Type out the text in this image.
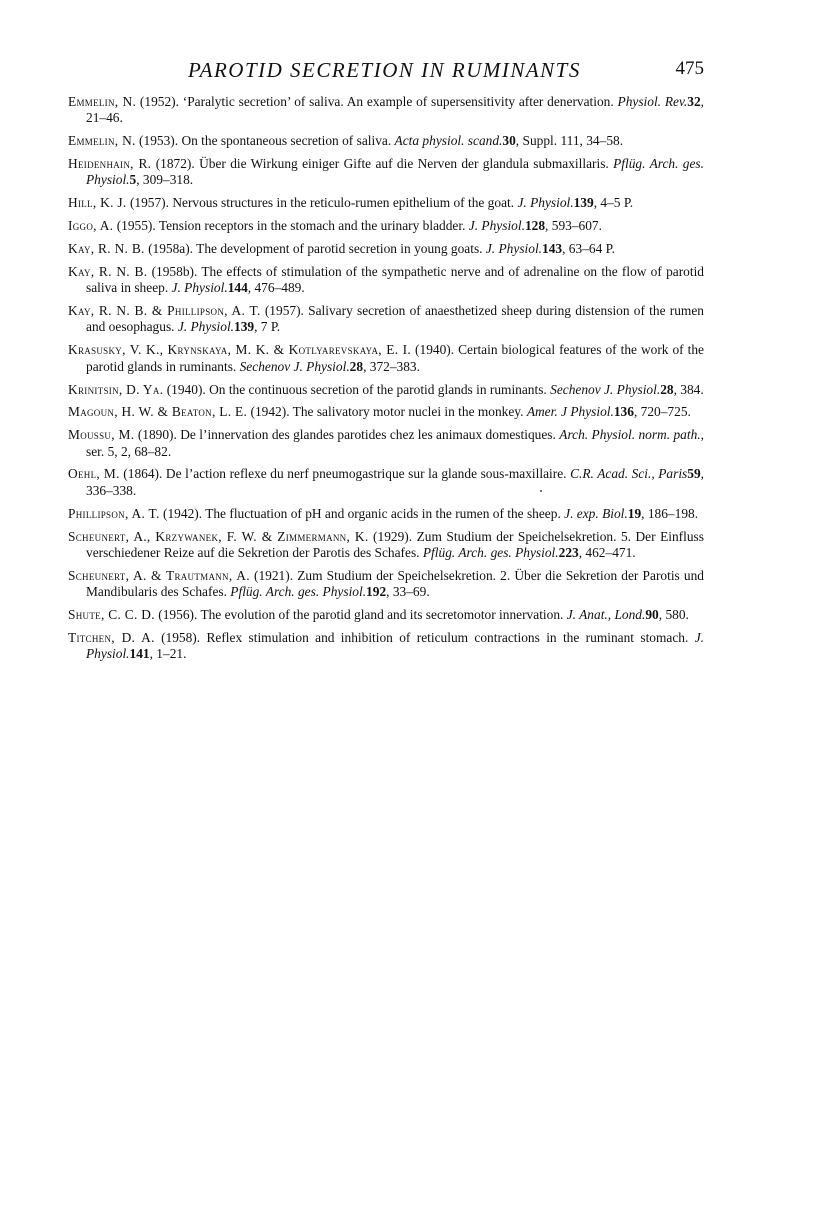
PAROTID SECRETION IN RUMINANTS	475
Emmelin, N. (1952). ‘Paralytic secretion’ of saliva. An example of supersensitivity after denervation. Physiol. Rev.32, 21–46.
Emmelin, N. (1953). On the spontaneous secretion of saliva. Acta physiol. scand.30, Suppl. 111, 34–58.
Heidenhain, R. (1872). Über die Wirkung einiger Gifte auf die Nerven der glandula submaxillaris. Pflüg. Arch. ges. Physiol.5, 309–318.
Hill, K. J. (1957). Nervous structures in the reticulo-rumen epithelium of the goat. J. Physiol.139, 4–5 P.
Iggo, A. (1955). Tension receptors in the stomach and the urinary bladder. J. Physiol.128, 593–607.
Kay, R. N. B. (1958a). The development of parotid secretion in young goats. J. Physiol.143, 63–64 P.
Kay, R. N. B. (1958b). The effects of stimulation of the sympathetic nerve and of adrenaline on the flow of parotid saliva in sheep. J. Physiol.144, 476–489.
Kay, R. N. B. & Phillipson, A. T. (1957). Salivary secretion of anaesthetized sheep during distension of the rumen and oesophagus. J. Physiol.139, 7 P.
Krasusky, V. K., Krynskaya, M. K. & Kotlyarevskaya, E. I. (1940). Certain biological features of the work of the parotid glands in ruminants. Sechenov J. Physiol.28, 372–383.
Krinitsin, D. Ya. (1940). On the continuous secretion of the parotid glands in ruminants. Sechenov J. Physiol.28, 384.
Magoun, H. W. & Beaton, L. E. (1942). The salivatory motor nuclei in the monkey. Amer. J Physiol.136, 720–725.
Moussu, M. (1890). De l’innervation des glandes parotides chez les animaux domestiques. Arch. Physiol. norm. path., ser. 5, 2, 68–82.
Oehl, M. (1864). De l’action reflexe du nerf pneumogastrique sur la glande sous-maxillaire. C.R. Acad. Sci., Paris59, 336–338.
Phillipson, A. T. (1942). The fluctuation of pH and organic acids in the rumen of the sheep. J. exp. Biol.19, 186–198.
Scheunert, A., Krzywanek, F. W. & Zimmermann, K. (1929). Zum Studium der Speichelsekretion. 5. Der Einfluss verschiedener Reize auf die Sekretion der Parotis des Schafes. Pflüg. Arch. ges. Physiol.223, 462–471.
Scheunert, A. & Trautmann, A. (1921). Zum Studium der Speichelsekretion. 2. Über die Sekretion der Parotis und Mandibularis des Schafes. Pflüg. Arch. ges. Physiol.192, 33–69.
Shute, C. C. D. (1956). The evolution of the parotid gland and its secretomotor innervation. J. Anat., Lond.90, 580.
Titchen, D. A. (1958). Reflex stimulation and inhibition of reticulum contractions in the ruminant stomach. J. Physiol.141, 1–21.
